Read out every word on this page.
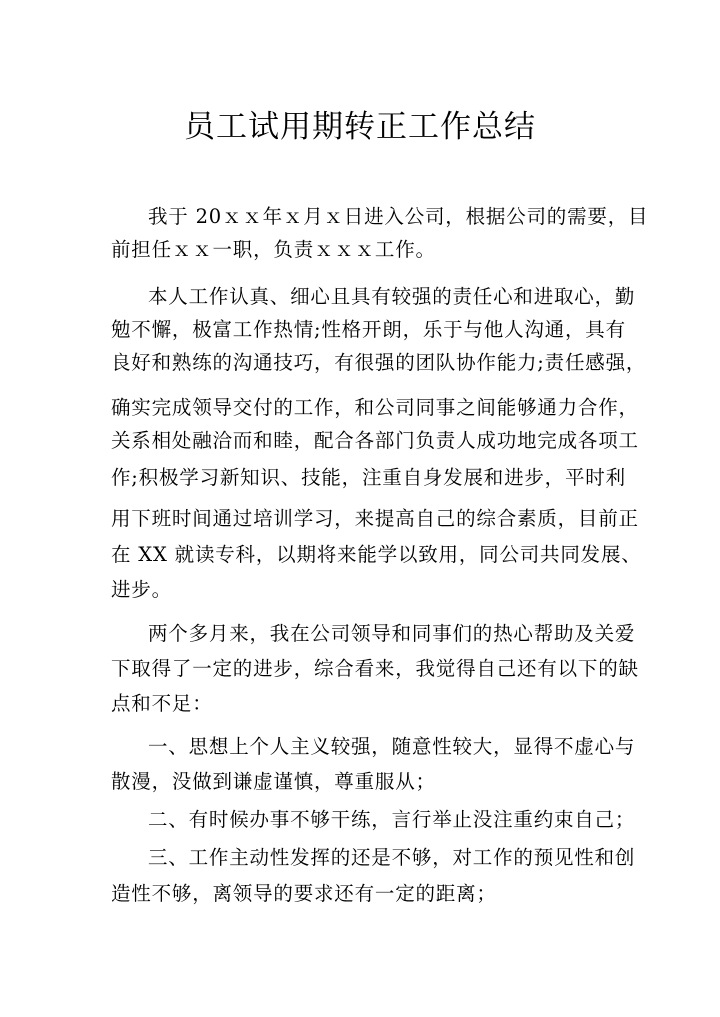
员工试用期转正工作总结
我于 20ｘｘ年ｘ月ｘ日进入公司，根据公司的需要，目
前担任ｘｘ一职，负责ｘｘｘ工作。
本人工作认真、细心且具有较强的责任心和进取心，勤
勉不懈，极富工作热情;性格开朗，乐于与他人沟通，具有
良好和熟练的沟通技巧，有很强的团队协作能力;责任感强，
确实完成领导交付的工作，和公司同事之间能够通力合作，
关系相处融洽而和睦，配合各部门负责人成功地完成各项工
作;积极学习新知识、技能，注重自身发展和进步，平时利
用下班时间通过培训学习，来提高自己的综合素质，目前正
在 XX 就读专科，以期将来能学以致用，同公司共同发展、
进步。
两个多月来，我在公司领导和同事们的热心帮助及关爱
下取得了一定的进步，综合看来，我觉得自己还有以下的缺
点和不足：
一、思想上个人主义较强，随意性较大，显得不虚心与
散漫，没做到谦虚谨慎，尊重服从；
二、有时候办事不够干练，言行举止没注重约束自己；
三、工作主动性发挥的还是不够，对工作的预见性和创
造性不够，离领导的要求还有一定的距离；
